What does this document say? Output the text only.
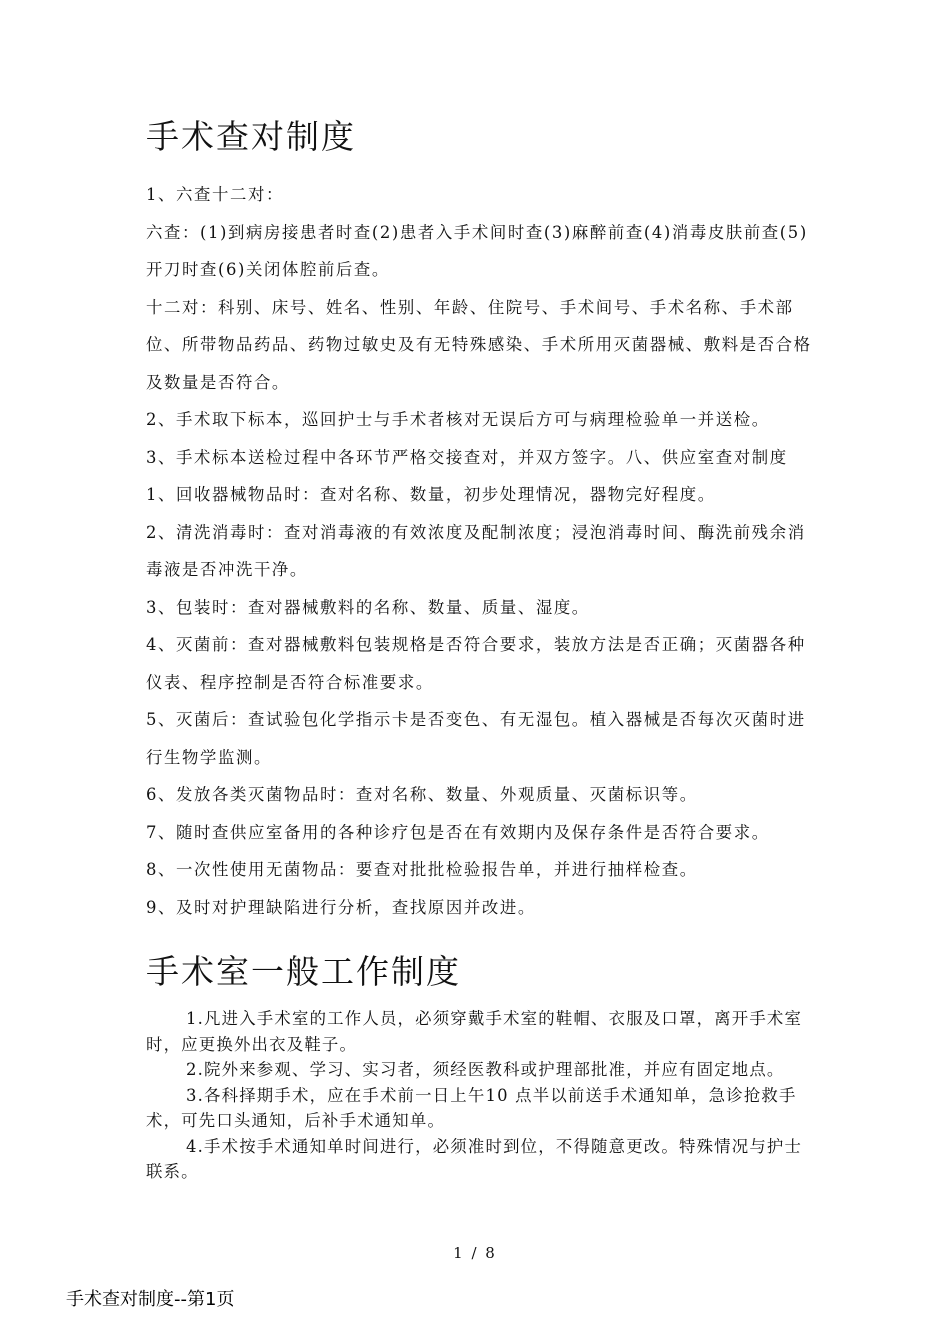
手术查对制度

1、六查十二对：

六查：(1)到病房接患者时查(2)患者入手术间时查(3)麻醉前查(4)消毒皮肤前查(5)开刀时查(6)关闭体腔前后查。

十二对：科别、床号、姓名、性别、年龄、住院号、手术间号、手术名称、手术部位、所带物品药品、药物过敏史及有无特殊感染、手术所用灭菌器械、敷料是否合格及数量是否符合。

2、手术取下标本，巡回护士与手术者核对无误后方可与病理检验单一并送检。

3、手术标本送检过程中各环节严格交接查对，并双方签字。八、供应室查对制度

1、回收器械物品时：查对名称、数量，初步处理情况，器物完好程度。

2、清洗消毒时：查对消毒液的有效浓度及配制浓度；浸泡消毒时间、酶洗前残余消毒液是否冲洗干净。

3、包装时：查对器械敷料的名称、数量、质量、湿度。

4、灭菌前：查对器械敷料包装规格是否符合要求，装放方法是否正确；灭菌器各种仪表、程序控制是否符合标准要求。

5、灭菌后：查试验包化学指示卡是否变色、有无湿包。植入器械是否每次灭菌时进行生物学监测。

6、发放各类灭菌物品时：查对名称、数量、外观质量、灭菌标识等。

7、随时查供应室备用的各种诊疗包是否在有效期内及保存条件是否符合要求。

8、一次性使用无菌物品：要查对批批检验报告单，并进行抽样检查。

9、及时对护理缺陷进行分析，查找原因并改进。

手术室一般工作制度

1.凡进入手术室的工作人员，必须穿戴手术室的鞋帽、衣服及口罩，离开手术室时，应更换外出衣及鞋子。

2.院外来参观、学习、实习者，须经医教科或护理部批准，并应有固定地点。

3.各科择期手术，应在手术前一日上午10 点半以前送手术通知单，急诊抢救手术，可先口头通知，后补手术通知单。

4.手术按手术通知单时间进行，必须准时到位，不得随意更改。特殊情况与护士联系。

1 / 8
手术查对制度--第1页
